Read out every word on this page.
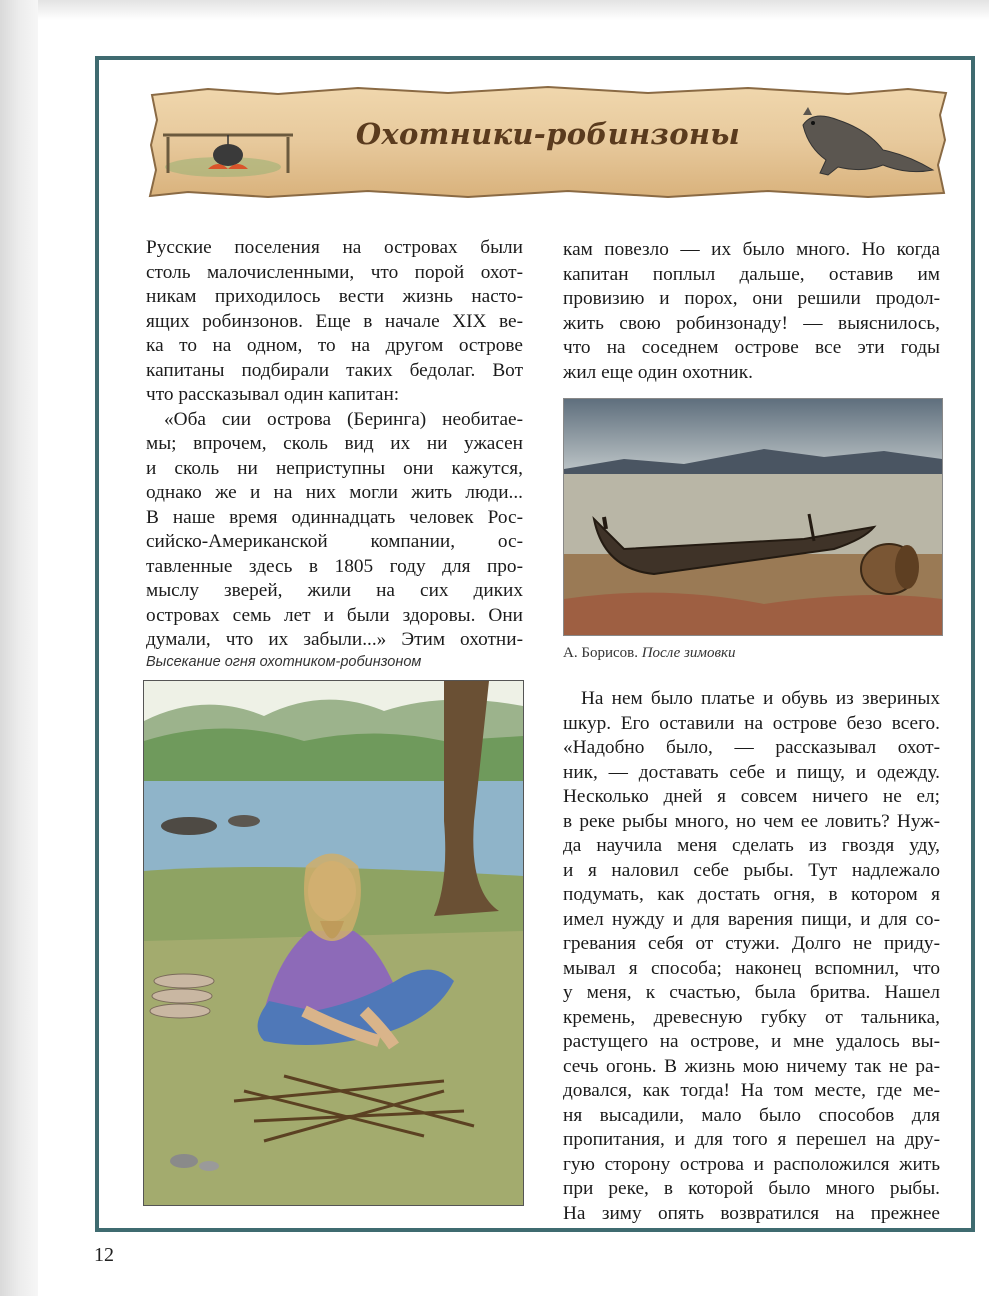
Охотники-робинзоны
Русские поселения на островах были
столь малочисленными, что порой охот-
никам приходилось вести жизнь насто-
ящих робинзонов. Еще в начале XIX ве-
ка то на одном, то на другом острове
капитаны подбирали таких бедолаг. Вот
что рассказывал один капитан:
«Оба сии острова (Беринга) необитае-
мы; впрочем, сколь вид их ни ужасен
и сколь ни неприступны они кажутся,
однако же и на них могли жить люди...
В наше время одиннадцать человек Рос-
сийско-Американской компании, ос-
тавленные здесь в 1805 году для про-
мыслу зверей, жили на сих диких
островах семь лет и были здоровы. Они
думали, что их забыли...» Этим охотни-
Высекание огня охотником-робинзоном
кам повезло — их было много. Но когда
капитан поплыл дальше, оставив им
провизию и порох, они решили продол-
жить свою робинзонаду! — выяснилось,
что на соседнем острове все эти годы
жил еще один охотник.
А. Борисов. После зимовки
На нем было платье и обувь из звериных
шкур. Его оставили на острове безо всего.
«Надобно было, — рассказывал охот-
ник, — доставать себе и пищу, и одежду.
Несколько дней я совсем ничего не ел;
в реке рыбы много, но чем ее ловить? Нуж-
да научила меня сделать из гвоздя уду,
и я наловил себе рыбы. Тут надлежало
подумать, как достать огня, в котором я
имел нужду и для варения пищи, и для со-
гревания себя от стужи. Долго не приду-
мывал я способа; наконец вспомнил, что
у меня, к счастью, была бритва. Нашел
кремень, древесную губку от тальника,
растущего на острове, и мне удалось вы-
сечь огонь. В жизнь мою ничему так не ра-
довался, как тогда! На том месте, где ме-
ня высадили, мало было способов для
пропитания, и для того я перешел на дру-
гую сторону острова и расположился жить
при реке, в которой было много рыбы.
На зиму опять возвратился на прежнее
12
